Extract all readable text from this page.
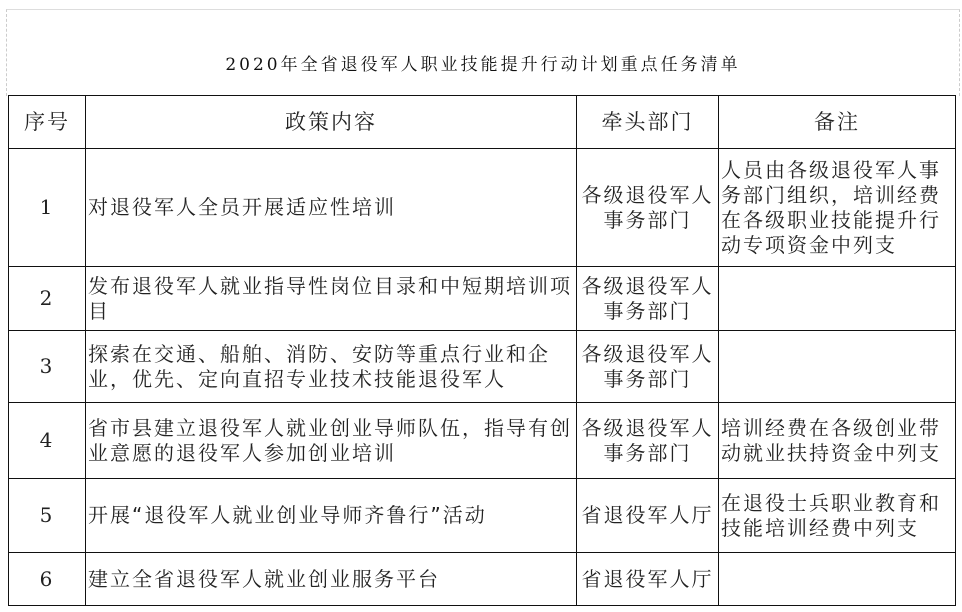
2020年全省退役军人职业技能提升行动计划重点任务清单
序号	政策内容	牵头部门	备注
1	对退役军人全员开展适应性培训	各级退役军人事务部门	人员由各级退役军人事务部门组织，培训经费在各级职业技能提升行动专项资金中列支
2	发布退役军人就业指导性岗位目录和中短期培训项目	各级退役军人事务部门	
3	探索在交通、船舶、消防、安防等重点行业和企业，优先、定向直招专业技术技能退役军人	各级退役军人事务部门	
4	省市县建立退役军人就业创业导师队伍，指导有创业意愿的退役军人参加创业培训	各级退役军人事务部门	培训经费在各级创业带动就业扶持资金中列支
5	开展“退役军人就业创业导师齐鲁行”活动	省退役军人厅	在退役士兵职业教育和技能培训经费中列支
6	建立全省退役军人就业创业服务平台	省退役军人厅	
